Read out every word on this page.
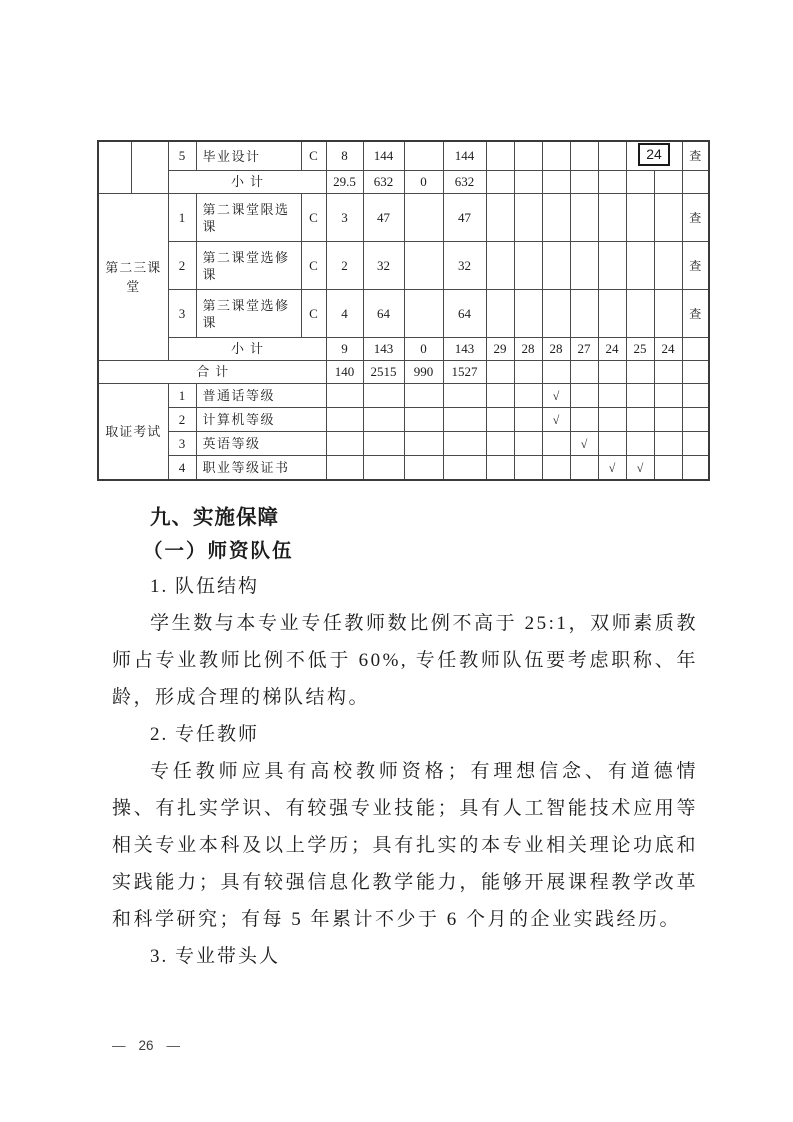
		5	毕业设计	C	8	144		144						24		查
		小计			29.5	632	0	632								
第二三课堂		1	第二课堂限选课	C	3	47		47								查
		2	第二课堂选修课	C	2	32		32								查
		3	第三课堂选修课	C	4	64		64								查
		小计			9	143	0	143	29	28	28	27	24	25	24	
合计					140	2515	990	1527								
取证考试		1	普通话等级								√					
		2	计算机等级								√					
		3	英语等级									√				
		4	职业等级证书										√	√		

九、实施保障

（一）师资队伍

1. 队伍结构

学生数与本专业专任教师数比例不高于 25:1，双师素质教师占专业教师比例不低于 60%, 专任教师队伍要考虑职称、年龄，形成合理的梯队结构。

2. 专任教师

专任教师应具有高校教师资格；有理想信念、有道德情操、有扎实学识、有较强专业技能；具有人工智能技术应用等相关专业本科及以上学历；具有扎实的本专业相关理论功底和实践能力；具有较强信息化教学能力，能够开展课程教学改革和科学研究；有每 5 年累计不少于 6 个月的企业实践经历。

3. 专业带头人

— 26 —
